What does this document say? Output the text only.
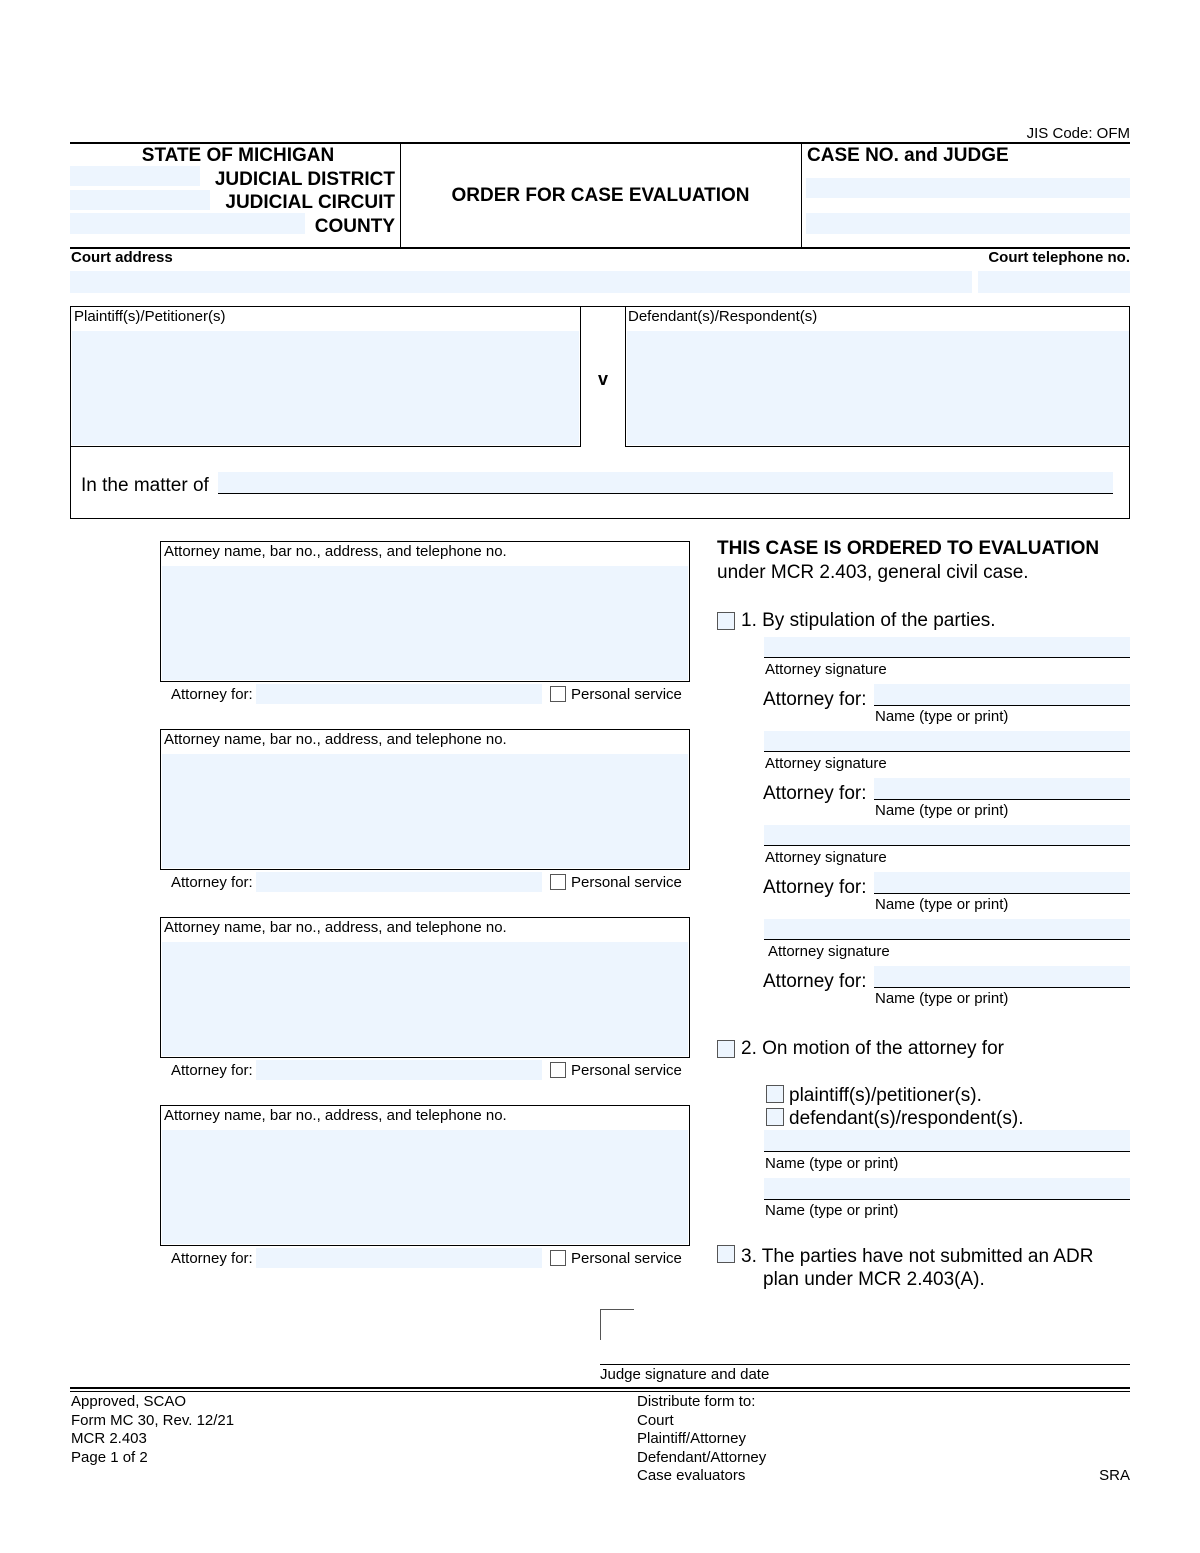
JIS Code: OFM
STATE OF MICHIGAN
JUDICIAL DISTRICT
JUDICIAL CIRCUIT
COUNTY
ORDER FOR CASE EVALUATION
CASE NO. and JUDGE
Court address	Court telephone no.
Plaintiff(s)/Petitioner(s)
v
Defendant(s)/Respondent(s)
In the matter of
Attorney name, bar no., address, and telephone no.
Attorney for:	Personal service
Attorney name, bar no., address, and telephone no.
Attorney for:	Personal service
Attorney name, bar no., address, and telephone no.
Attorney for:	Personal service
Attorney name, bar no., address, and telephone no.
Attorney for:	Personal service
THIS CASE IS ORDERED TO EVALUATION
under MCR 2.403, general civil case.
1. By stipulation of the parties.
Attorney signature
Attorney for:
Name (type or print)
Attorney signature
Attorney for:
Name (type or print)
Attorney signature
Attorney for:
Name (type or print)
Attorney signature
Attorney for:
Name (type or print)
2. On motion of the attorney for
plaintiff(s)/petitioner(s).
defendant(s)/respondent(s).
Name (type or print)
Name (type or print)
3. The parties have not submitted an ADR
plan under MCR 2.403(A).
Judge signature and date
Approved, SCAO
Form MC 30, Rev. 12/21
MCR 2.403
Page 1 of 2
Distribute form to:
Court
Plaintiff/Attorney
Defendant/Attorney
Case evaluators	SRA
